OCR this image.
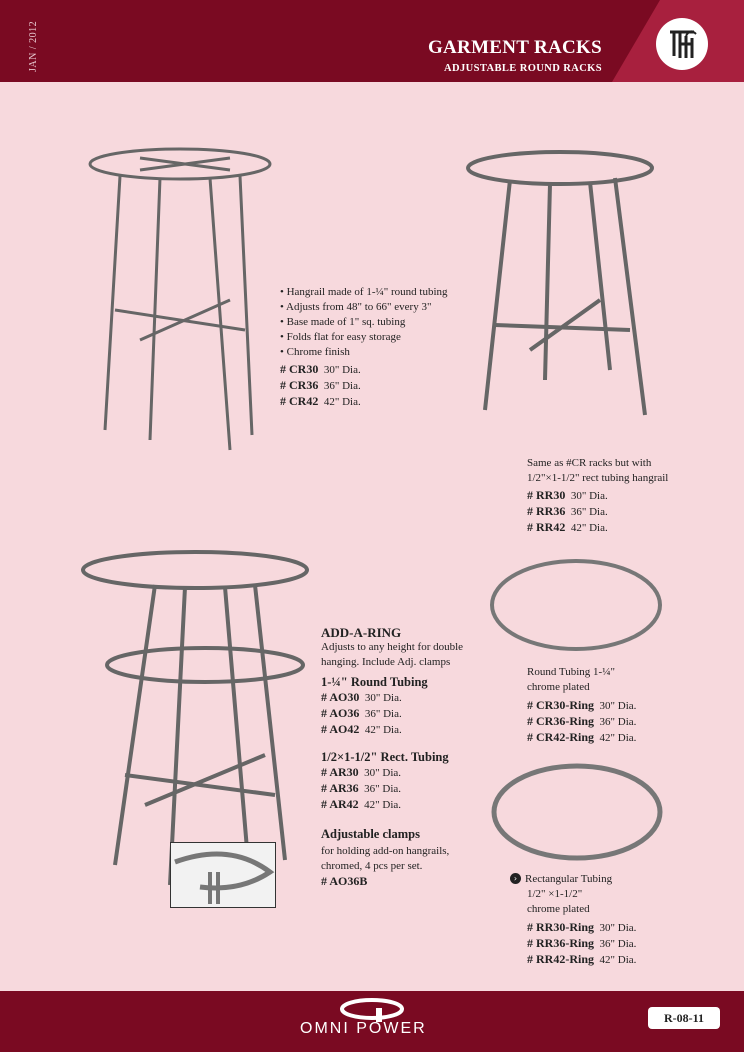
JAN / 2012	GARMENT RACKS
ADJUSTABLE ROUND RACKS
• Hangrail made of 1-¼" round tubing
• Adjusts from 48" to 66" every 3"
• Base made of 1" sq. tubing
• Folds flat for easy storage
• Chrome finish
# CR30 30" Dia.
# CR36 36" Dia.
# CR42 42" Dia.
Same as #CR racks but with
1/2"×1-1/2" rect tubing hangrail
# RR30 30" Dia.
# RR36 36" Dia.
# RR42 42" Dia.
ADD-A-RING
Adjusts to any height for double
hanging. Include Adj. clamps
1-¼" Round Tubing
# AO30 30" Dia.
# AO36 36" Dia.
# AO42 42" Dia.
1/2×1-1/2" Rect. Tubing
# AR30 30" Dia.
# AR36 36" Dia.
# AR42 42" Dia.
Adjustable clamps
for holding add-on hangrails,
chromed, 4 pcs per set.
# AO36B
Round Tubing 1-¼"
chrome plated
# CR30-Ring 30" Dia.
# CR36-Ring 36" Dia.
# CR42-Ring 42" Dia.
› Rectangular Tubing
1/2" ×1-1/2"
chrome plated
# RR30-Ring 30" Dia.
# RR36-Ring 36" Dia.
# RR42-Ring 42" Dia.
OMNI POWER
R-08-11
